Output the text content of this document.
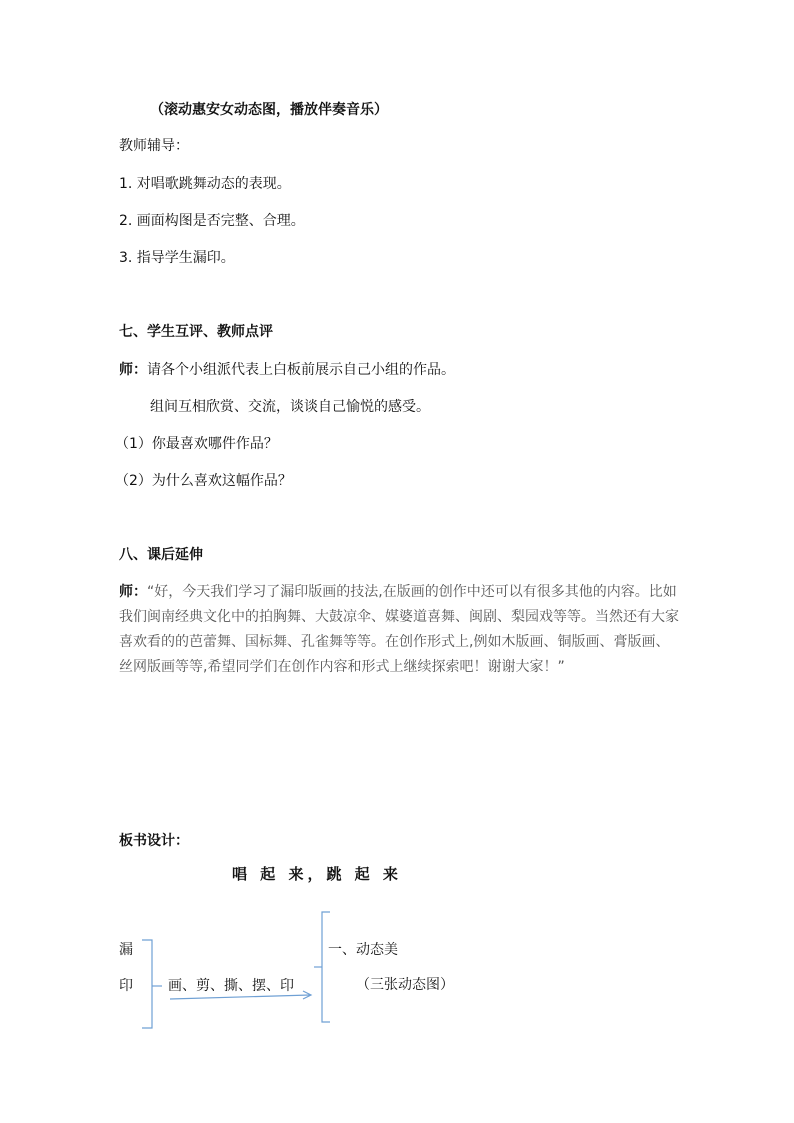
（滚动惠安女动态图，播放伴奏音乐）
教师辅导：
1. 对唱歌跳舞动态的表现。
2. 画面构图是否完整、合理。
3. 指导学生漏印。
七、学生互评、教师点评
师：请各个小组派代表上白板前展示自己小组的作品。
组间互相欣赏、交流，谈谈自己愉悦的感受。
（1）你最喜欢哪件作品？
（2）为什么喜欢这幅作品？
八、课后延伸
师：“好，今天我们学习了漏印版画的技法,在版画的创作中还可以有很多其他的内容。比如我们闽南经典文化中的拍胸舞、大鼓凉伞、媒婆道喜舞、闽剧、梨园戏等等。当然还有大家喜欢看的的芭蕾舞、国标舞、孔雀舞等等。在创作形式上,例如木版画、铜版画、膏版画、丝网版画等等,希望同学们在创作内容和形式上继续探索吧！谢谢大家！”
板书设计：
唱 起 来，跳 起 来
漏
印	画、剪、撕、摆、印
一、动态美
（三张动态图）
